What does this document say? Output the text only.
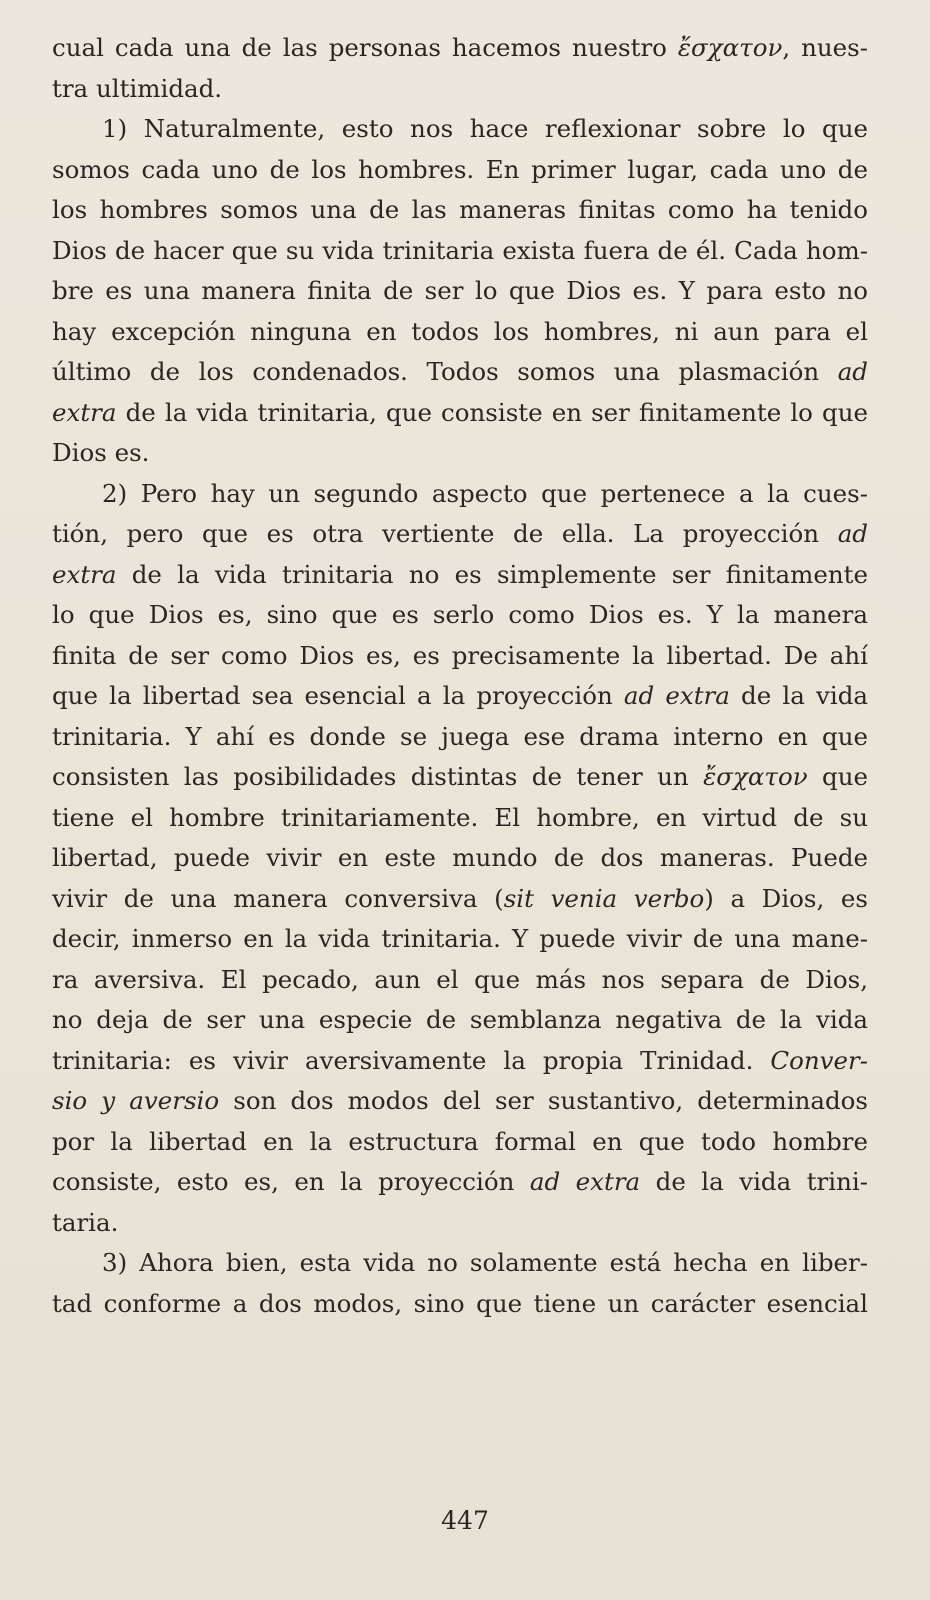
cual cada una de las personas hacemos nuestro ἔσχατον, nues-
tra ultimidad.
1) Naturalmente, esto nos hace reflexionar sobre lo que
somos cada uno de los hombres. En primer lugar, cada uno de
los hombres somos una de las maneras finitas como ha tenido
Dios de hacer que su vida trinitaria exista fuera de él. Cada hom-
bre es una manera finita de ser lo que Dios es. Y para esto no
hay excepción ninguna en todos los hombres, ni aun para el
último de los condenados. Todos somos una plasmación ad
extra de la vida trinitaria, que consiste en ser finitamente lo que
Dios es.
2) Pero hay un segundo aspecto que pertenece a la cues-
tión, pero que es otra vertiente de ella. La proyección ad
extra de la vida trinitaria no es simplemente ser finitamente
lo que Dios es, sino que es serlo como Dios es. Y la manera
finita de ser como Dios es, es precisamente la libertad. De ahí
que la libertad sea esencial a la proyección ad extra de la vida
trinitaria. Y ahí es donde se juega ese drama interno en que
consisten las posibilidades distintas de tener un ἔσχατον que
tiene el hombre trinitariamente. El hombre, en virtud de su
libertad, puede vivir en este mundo de dos maneras. Puede
vivir de una manera conversiva (sit venia verbo) a Dios, es
decir, inmerso en la vida trinitaria. Y puede vivir de una mane-
ra aversiva. El pecado, aun el que más nos separa de Dios,
no deja de ser una especie de semblanza negativa de la vida
trinitaria: es vivir aversivamente la propia Trinidad. Conver-
sio y aversio son dos modos del ser sustantivo, determinados
por la libertad en la estructura formal en que todo hombre
consiste, esto es, en la proyección ad extra de la vida trini-
taria.
3) Ahora bien, esta vida no solamente está hecha en liber-
tad conforme a dos modos, sino que tiene un carácter esencial
447
